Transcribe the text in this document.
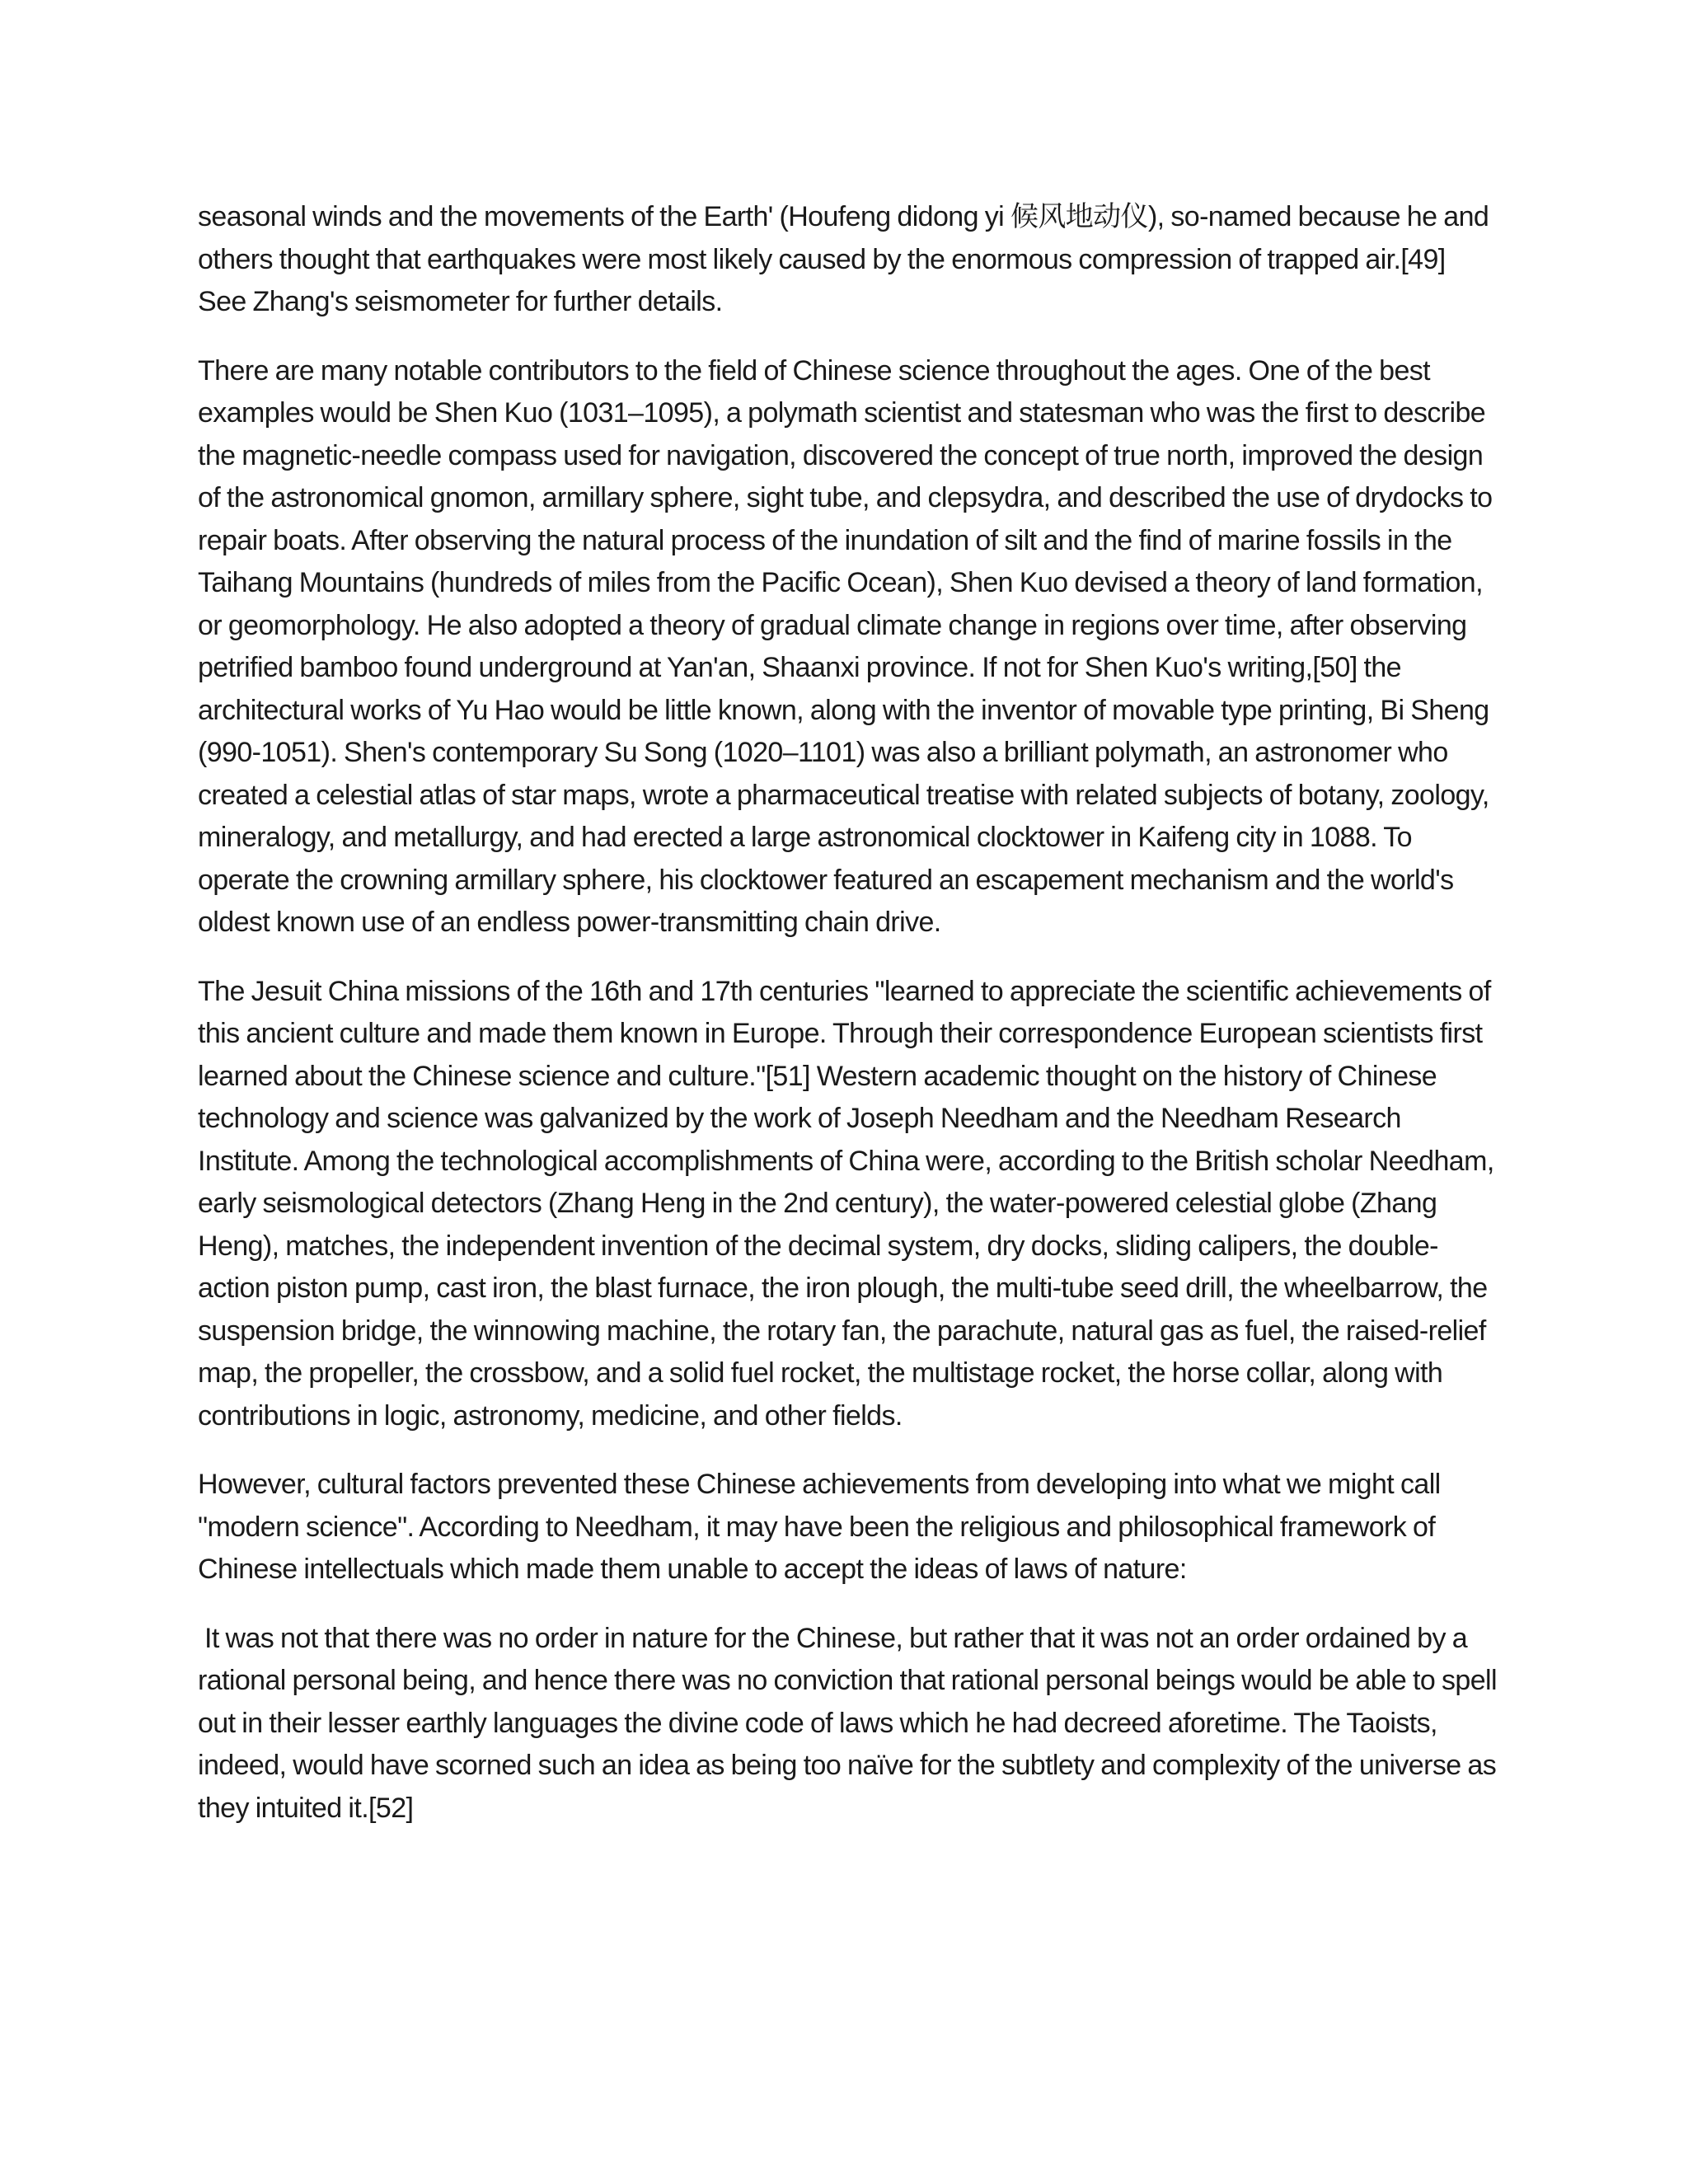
seasonal winds and the movements of the Earth' (Houfeng didong yi 候风地动仪), so-named because he and others thought that earthquakes were most likely caused by the enormous compression of trapped air.[49] See Zhang's seismometer for further details.

There are many notable contributors to the field of Chinese science throughout the ages. One of the best examples would be Shen Kuo (1031–1095), a polymath scientist and statesman who was the first to describe the magnetic-needle compass used for navigation, discovered the concept of true north, improved the design of the astronomical gnomon, armillary sphere, sight tube, and clepsydra, and described the use of drydocks to repair boats. After observing the natural process of the inundation of silt and the find of marine fossils in the Taihang Mountains (hundreds of miles from the Pacific Ocean), Shen Kuo devised a theory of land formation, or geomorphology. He also adopted a theory of gradual climate change in regions over time, after observing petrified bamboo found underground at Yan'an, Shaanxi province. If not for Shen Kuo's writing,[50] the architectural works of Yu Hao would be little known, along with the inventor of movable type printing, Bi Sheng (990-1051). Shen's contemporary Su Song (1020–1101) was also a brilliant polymath, an astronomer who created a celestial atlas of star maps, wrote a pharmaceutical treatise with related subjects of botany, zoology, mineralogy, and metallurgy, and had erected a large astronomical clocktower in Kaifeng city in 1088. To operate the crowning armillary sphere, his clocktower featured an escapement mechanism and the world's oldest known use of an endless power-transmitting chain drive.

The Jesuit China missions of the 16th and 17th centuries "learned to appreciate the scientific achievements of this ancient culture and made them known in Europe. Through their correspondence European scientists first learned about the Chinese science and culture."[51] Western academic thought on the history of Chinese technology and science was galvanized by the work of Joseph Needham and the Needham Research Institute. Among the technological accomplishments of China were, according to the British scholar Needham, early seismological detectors (Zhang Heng in the 2nd century), the water-powered celestial globe (Zhang Heng), matches, the independent invention of the decimal system, dry docks, sliding calipers, the double-action piston pump, cast iron, the blast furnace, the iron plough, the multi-tube seed drill, the wheelbarrow, the suspension bridge, the winnowing machine, the rotary fan, the parachute, natural gas as fuel, the raised-relief map, the propeller, the crossbow, and a solid fuel rocket, the multistage rocket, the horse collar, along with contributions in logic, astronomy, medicine, and other fields.

However, cultural factors prevented these Chinese achievements from developing into what we might call "modern science". According to Needham, it may have been the religious and philosophical framework of Chinese intellectuals which made them unable to accept the ideas of laws of nature:

It was not that there was no order in nature for the Chinese, but rather that it was not an order ordained by a rational personal being, and hence there was no conviction that rational personal beings would be able to spell out in their lesser earthly languages the divine code of laws which he had decreed aforetime. The Taoists, indeed, would have scorned such an idea as being too naïve for the subtlety and complexity of the universe as they intuited it.[52]
